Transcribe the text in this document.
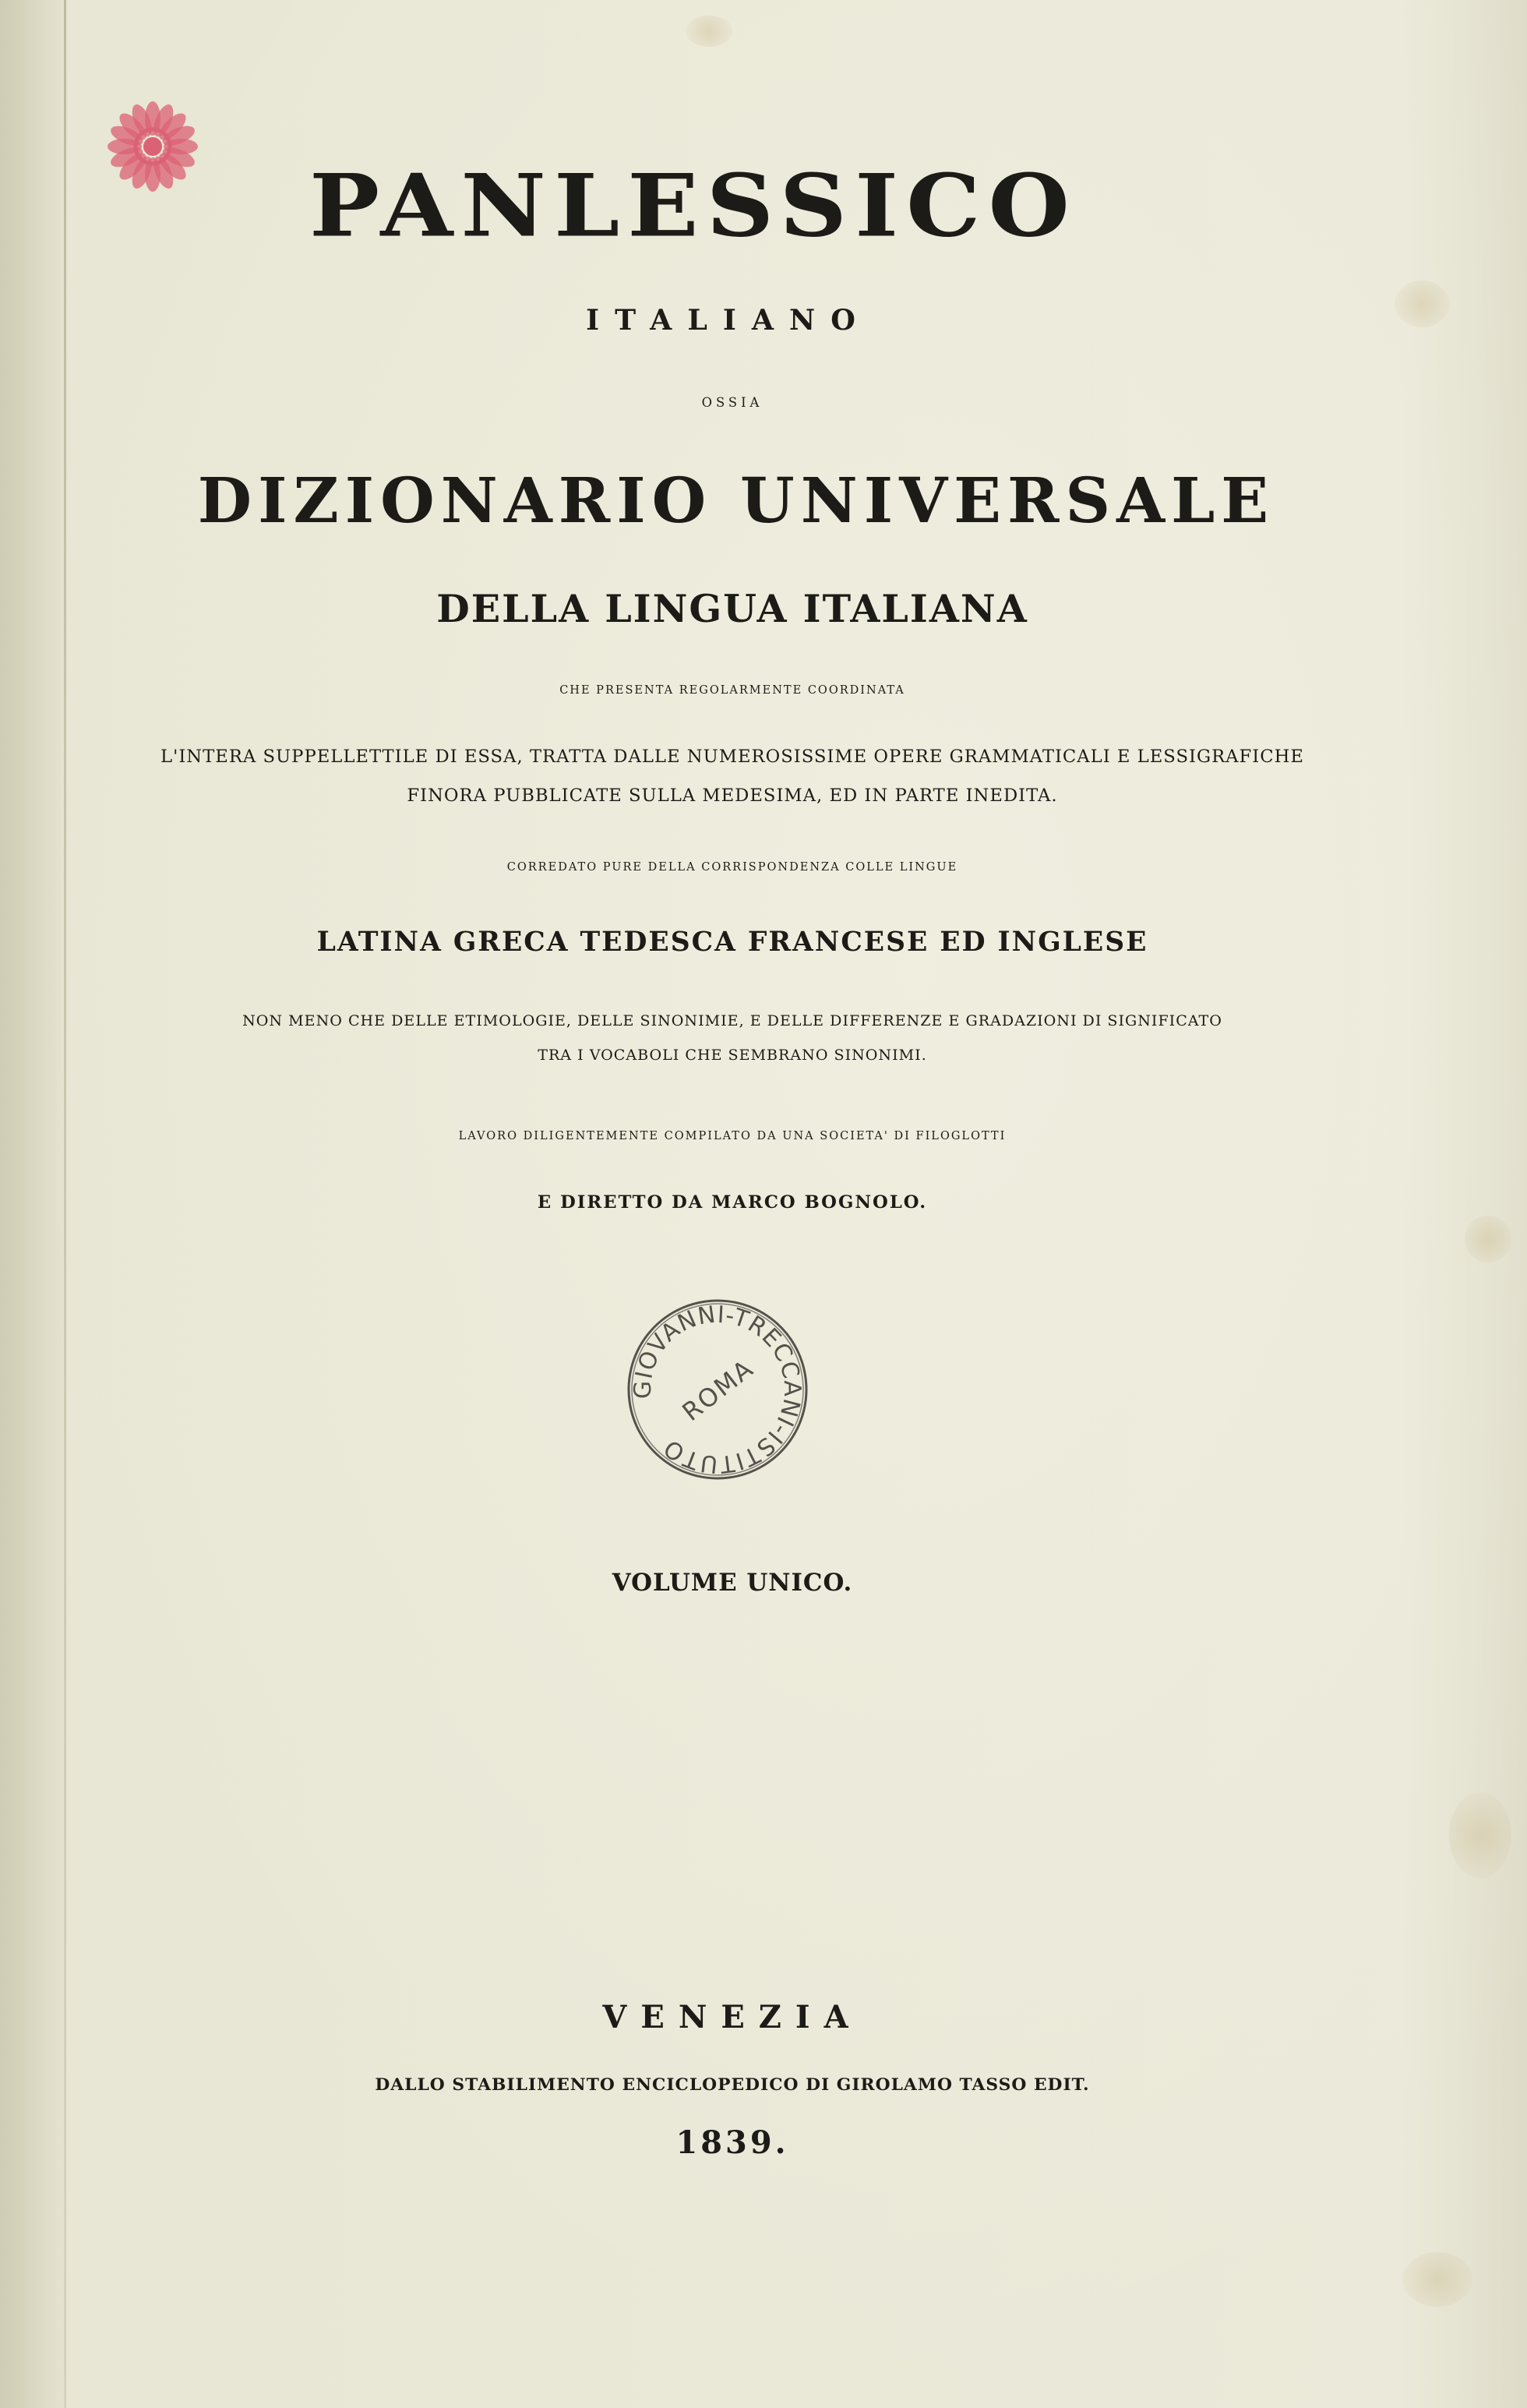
PANLESSICO
ITALIANO
OSSIA
DIZIONARIO UNIVERSALE
DELLA LINGUA ITALIANA
CHE PRESENTA REGOLARMENTE COORDINATA
L'INTERA SUPPELLETTILE DI ESSA, TRATTA DALLE NUMEROSISSIME OPERE GRAMMATICALI E LESSIGRAFICHE
FINORA PUBBLICATE SULLA MEDESIMA, ED IN PARTE INEDITA.
CORREDATO PURE DELLA CORRISPONDENZA COLLE LINGUE
LATINA GRECA TEDESCA FRANCESE ED INGLESE
NON MENO CHE DELLE ETIMOLOGIE, DELLE SINONIMIE, E DELLE DIFFERENZE E GRADAZIONI DI SIGNIFICATO
TRA I VOCABOLI CHE SEMBRANO SINONIMI.
LAVORO DILIGENTEMENTE COMPILATO DA UNA SOCIETA' DI FILOGLOTTI
E DIRETTO DA MARCO BOGNOLO.
GIOVANNI-TRECCANI-ISTITUTO
ROMA
VOLUME UNICO.
VENEZIA
DALLO STABILIMENTO ENCICLOPEDICO DI GIROLAMO TASSO EDIT.
1839.
